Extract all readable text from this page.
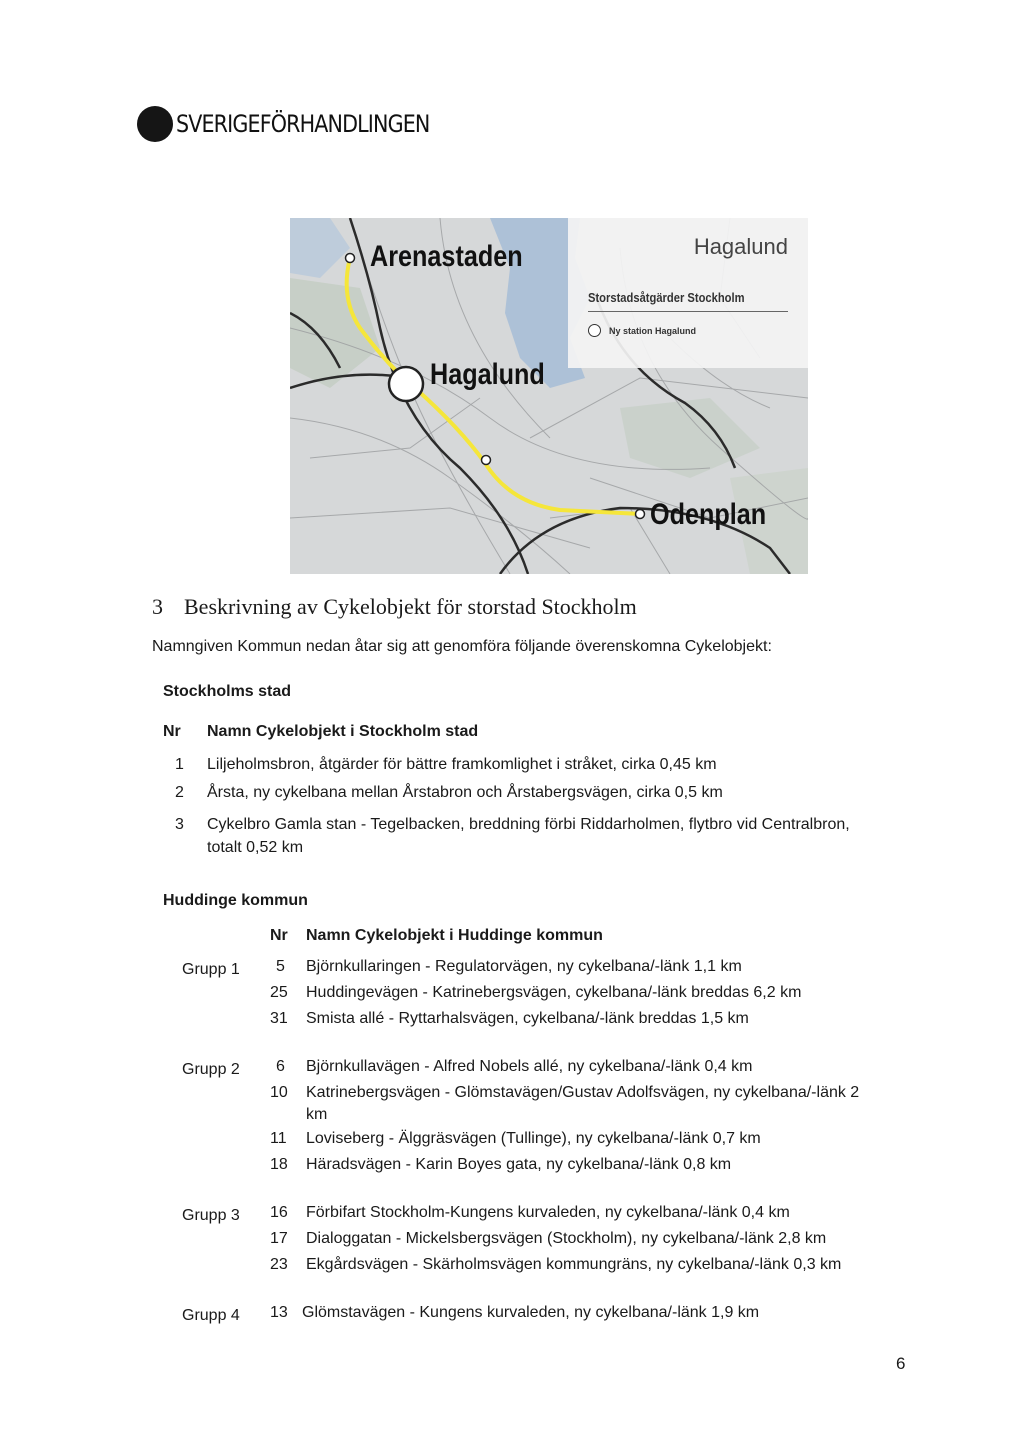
SVERIGEFÖRHANDLINGEN
Arenastaden
Hagalund
Odenplan
Hagalund
Storstadsåtgärder Stockholm
Ny station Hagalund
3 Beskrivning av Cykelobjekt för storstad Stockholm
Namngiven Kommun nedan åtar sig att genomföra följande överenskomna Cykelobjekt:
Stockholms stad
Nr Namn Cykelobjekt i Stockholm stad
1 Liljeholmsbron, åtgärder för bättre framkomlighet i stråket, cirka 0,45 km
2 Årsta, ny cykelbana mellan Årstabron och Årstabergsvägen, cirka 0,5 km
3 Cykelbro Gamla stan - Tegelbacken, breddning förbi Riddarholmen, flytbro vid Centralbron,
totalt 0,52 km
Huddinge kommun
Nr Namn Cykelobjekt i Huddinge kommun
Grupp 1 5 Björnkullaringen - Regulatorvägen, ny cykelbana/-länk 1,1 km
25 Huddingevägen - Katrinebergsvägen, cykelbana/-länk breddas 6,2 km
31 Smista allé - Ryttarhalsvägen, cykelbana/-länk breddas 1,5 km
Grupp 2 6 Björnkullavägen - Alfred Nobels allé, ny cykelbana/-länk 0,4 km
10 Katrinebergsvägen - Glömstavägen/Gustav Adolfsvägen, ny cykelbana/-länk 2
km
11 Loviseberg - Älggräsvägen (Tullinge), ny cykelbana/-länk 0,7 km
18 Häradsvägen - Karin Boyes gata, ny cykelbana/-länk 0,8 km
Grupp 3 16 Förbifart Stockholm-Kungens kurvaleden, ny cykelbana/-länk 0,4 km
17 Dialoggatan - Mickelsbergsvägen (Stockholm), ny cykelbana/-länk 2,8 km
23 Ekgårdsvägen - Skärholmsvägen kommungräns, ny cykelbana/-länk 0,3 km
Grupp 4 13 Glömstavägen - Kungens kurvaleden, ny cykelbana/-länk 1,9 km
6
